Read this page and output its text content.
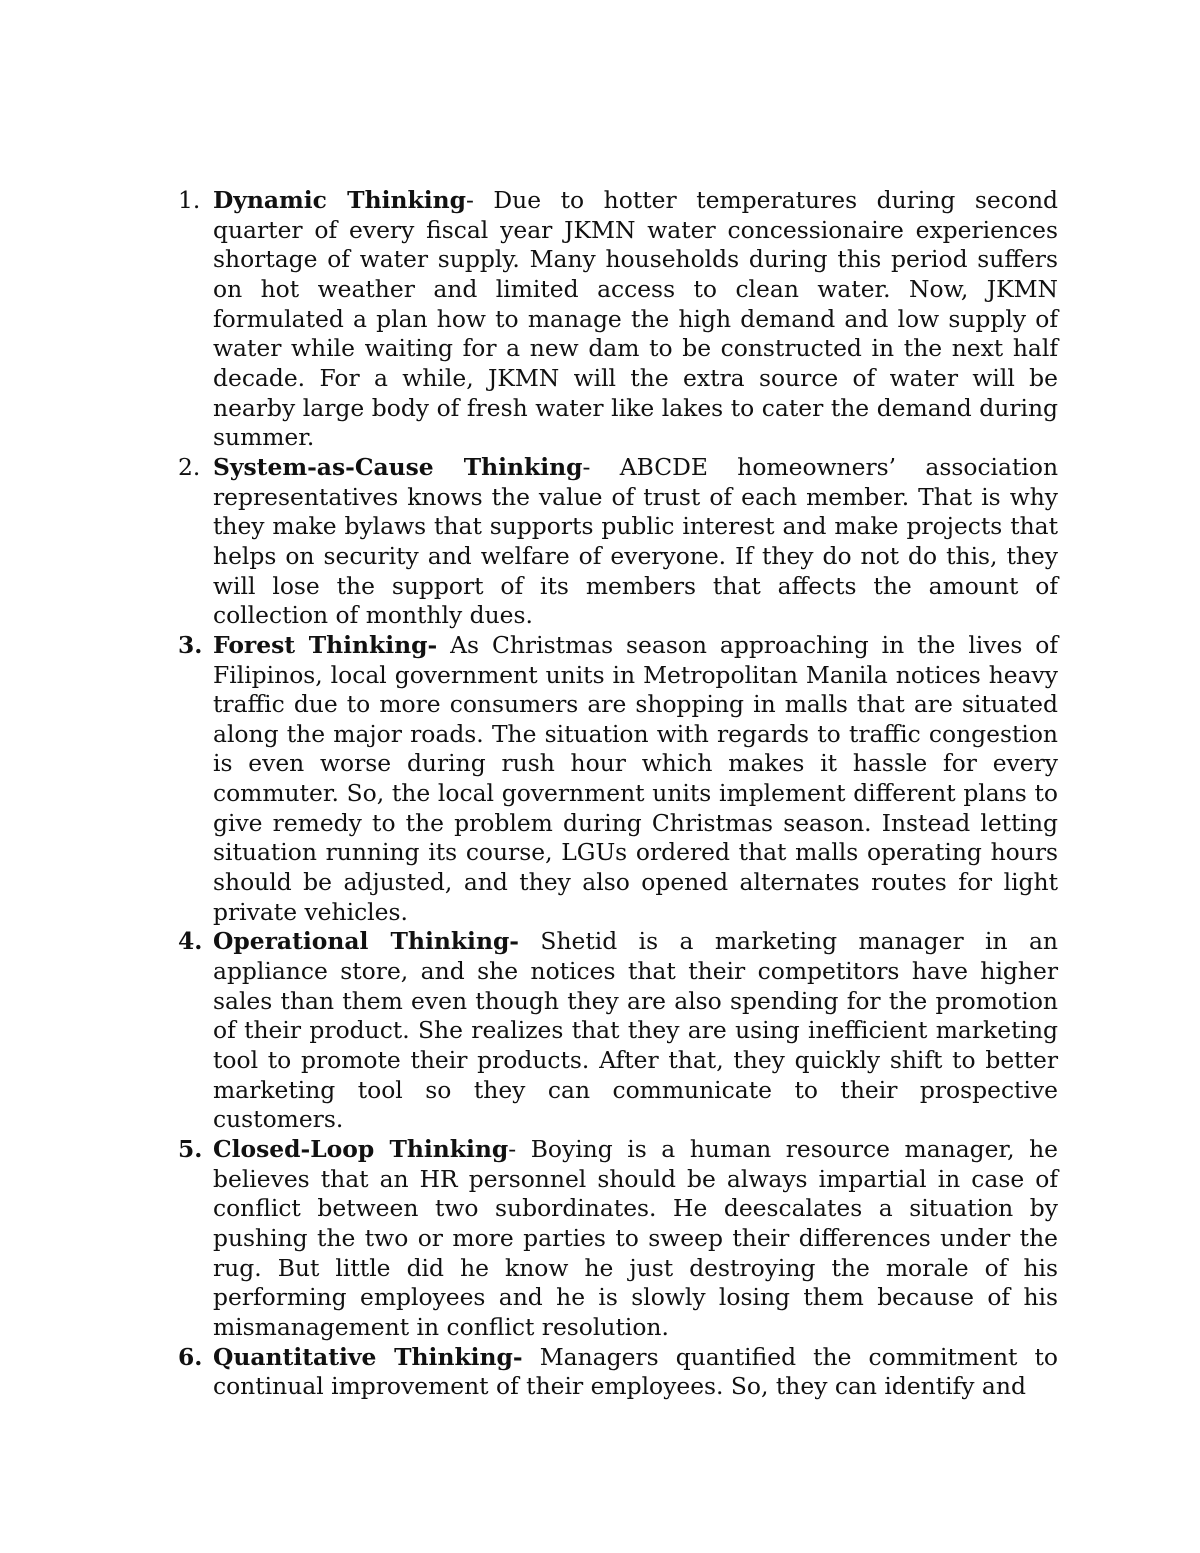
1. Dynamic Thinking- Due to hotter temperatures during second quarter of every fiscal year JKMN water concessionaire experiences shortage of water supply. Many households during this period suffers on hot weather and limited access to clean water. Now, JKMN formulated a plan how to manage the high demand and low supply of water while waiting for a new dam to be constructed in the next half decade. For a while, JKMN will the extra source of water will be nearby large body of fresh water like lakes to cater the demand during summer.
2. System-as-Cause Thinking- ABCDE homeowners’ association representatives knows the value of trust of each member. That is why they make bylaws that supports public interest and make projects that helps on security and welfare of everyone. If they do not do this, they will lose the support of its members that affects the amount of collection of monthly dues.
3. Forest Thinking- As Christmas season approaching in the lives of Filipinos, local government units in Metropolitan Manila notices heavy traffic due to more consumers are shopping in malls that are situated along the major roads. The situation with regards to traffic congestion is even worse during rush hour which makes it hassle for every commuter. So, the local government units implement different plans to give remedy to the problem during Christmas season. Instead letting situation running its course, LGUs ordered that malls operating hours should be adjusted, and they also opened alternates routes for light private vehicles.
4. Operational Thinking- Shetid is a marketing manager in an appliance store, and she notices that their competitors have higher sales than them even though they are also spending for the promotion of their product. She realizes that they are using inefficient marketing tool to promote their products. After that, they quickly shift to better marketing tool so they can communicate to their prospective customers.
5. Closed-Loop Thinking- Boying is a human resource manager, he believes that an HR personnel should be always impartial in case of conflict between two subordinates. He deescalates a situation by pushing the two or more parties to sweep their differences under the rug. But little did he know he just destroying the morale of his performing employees and he is slowly losing them because of his mismanagement in conflict resolution.
6. Quantitative Thinking- Managers quantified the commitment to continual improvement of their employees. So, they can identify and
